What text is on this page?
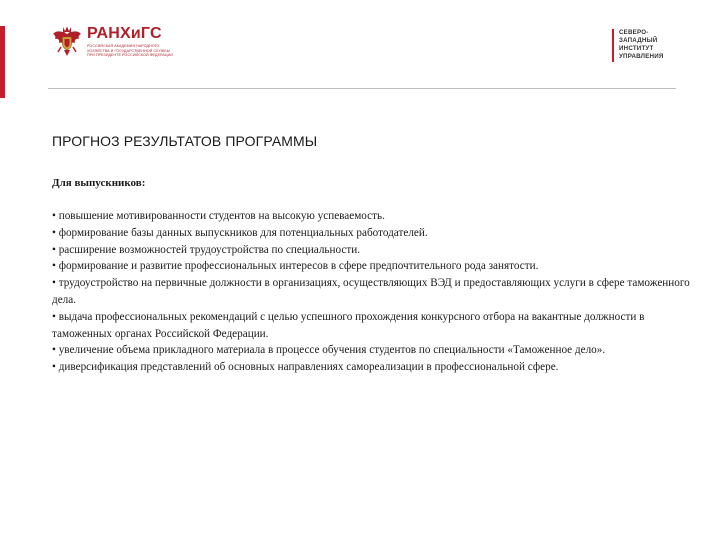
РАНХиГС
РОССИЙСКАЯ АКАДЕМИЯ НАРОДНОГО ХОЗЯЙСТВА И ГОСУДАРСТВЕННОЙ СЛУЖБЫ ПРИ ПРЕЗИДЕНТЕ РОССИЙСКОЙ ФЕДЕРАЦИИ
СЕВЕРО-
ЗАПАДНЫЙ
ИНСТИТУТ
УПРАВЛЕНИЯ
ПРОГНОЗ РЕЗУЛЬТАТОВ ПРОГРАММЫ
Для выпускников:
• повышение мотивированности студентов на высокую успеваемость.
• формирование базы данных выпускников для потенциальных работодателей.
• расширение возможностей трудоустройства по специальности.
• формирование и развитие профессиональных интересов в сфере предпочтительного рода занятости.
• трудоустройство на первичные должности в организациях, осуществляющих ВЭД и предоставляющих услуги в сфере таможенного дела.
• выдача профессиональных рекомендаций с целью успешного прохождения конкурсного отбора на вакантные должности в таможенных органах Российской Федерации.
• увеличение объема прикладного материала в процессе обучения студентов по специальности «Таможенное дело».
• диверсификация представлений об основных направлениях самореализации в профессиональной сфере.
